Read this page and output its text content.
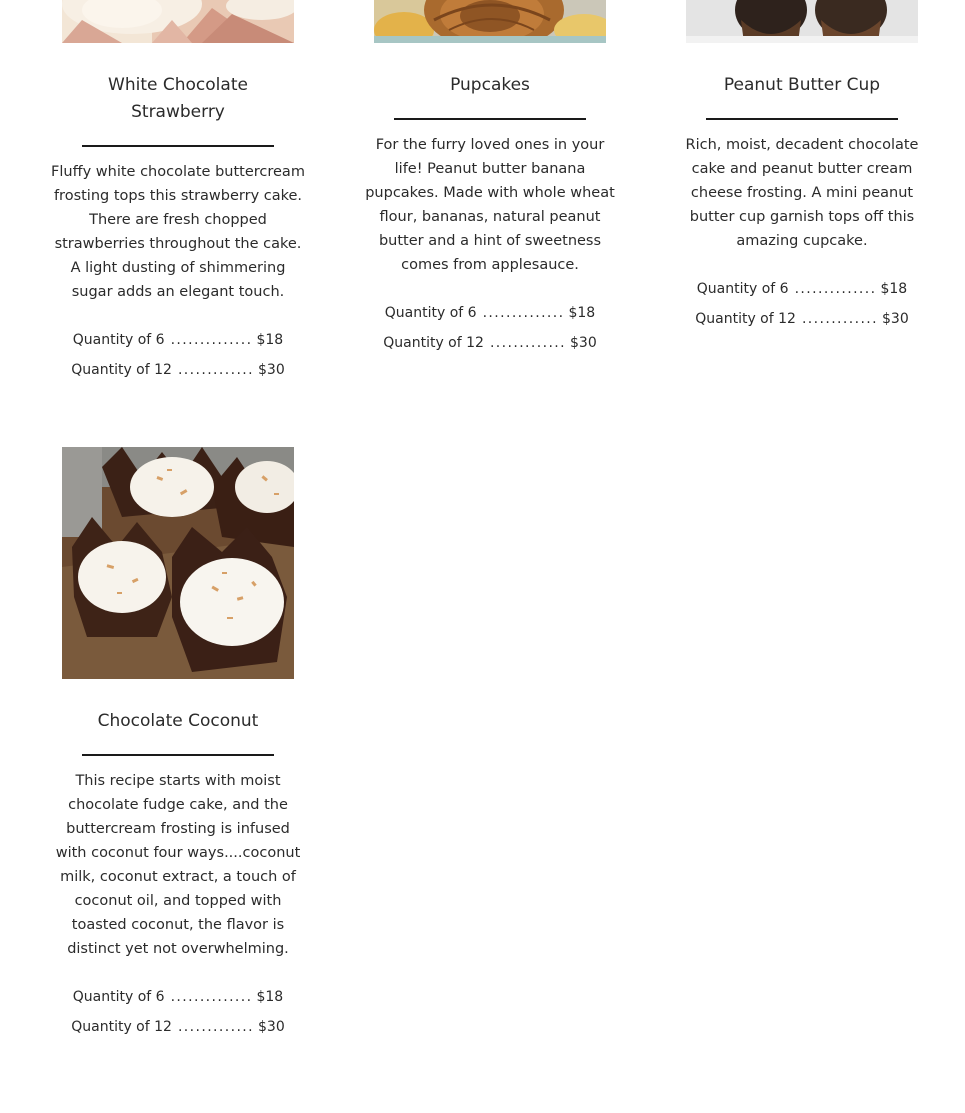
White Chocolate
Strawberry

Fluffy white chocolate buttercream frosting tops this strawberry cake. There are fresh chopped strawberries throughout the cake. A light dusting of shimmering sugar adds an elegant touch.

Quantity of 6 .............. $18
Quantity of 12 ............. $30
Pupcakes

For the furry loved ones in your life! Peanut butter banana pupcakes. Made with whole wheat flour, bananas, natural peanut butter and a hint of sweetness comes from applesauce.

Quantity of 6 .............. $18
Quantity of 12 ............. $30
Peanut Butter Cup

Rich, moist, decadent chocolate cake and peanut butter cream cheese frosting. A mini peanut butter cup garnish tops off this amazing cupcake.

Quantity of 6 .............. $18
Quantity of 12 ............. $30
Chocolate Coconut

This recipe starts with moist chocolate fudge cake, and the buttercream frosting is infused with coconut four ways....coconut milk, coconut extract, a touch of coconut oil, and topped with toasted coconut, the flavor is distinct yet not overwhelming.

Quantity of 6 .............. $18
Quantity of 12 ............. $30
